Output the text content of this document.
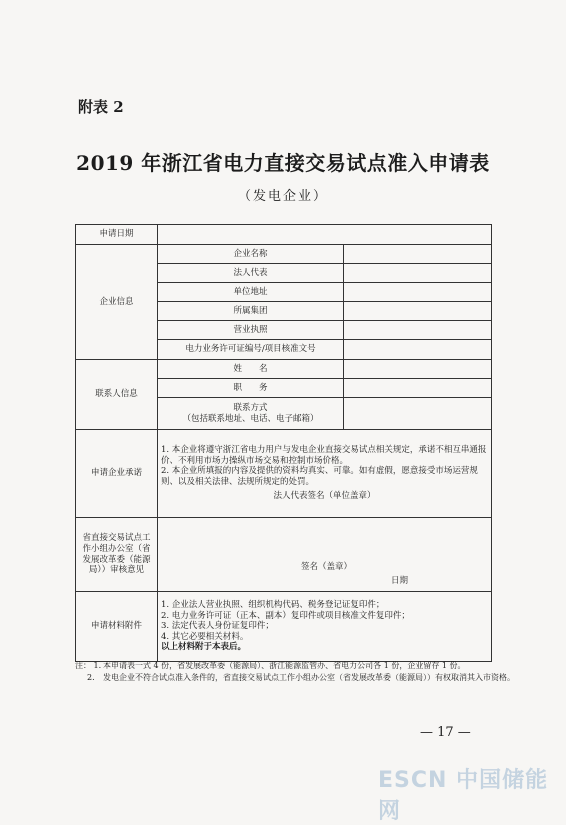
附表 2
2019 年浙江省电力直接交易试点准入申请表
（发电企业）
申请日期		
企业信息	企业名称	
	法人代表	
	单位地址	
	所属集团	
	营业执照	
	电力业务许可证编号/项目核准文号	
联系人信息	姓　　名	
	职　　务	

	联系方式
（包括联系地址、电话、电子邮箱）	

申请企业承诺	1. 本企业将遵守浙江省电力用户与发电企业直接交易试点相关规定，承诺不相互串通报价、不利用市场力操纵市场交易和控制市场价格。

2. 本企业所填报的内容及提供的资料均真实、可靠。如有虚假，愿意接受市场运营规则、以及相关法律、法规所规定的处罚。

法人代表签名（单位盖章）	

省直接交易试点工作小组办公室（省发展改革委（能源局））审核意见	签名（盖章）
日期	

申请材料附件	1. 企业法人营业执照、组织机构代码、税务登记证复印件；

2. 电力业务许可证（正本、副本）复印件或项目核准文件复印件；

3. 法定代表人身份证复印件；

4. 其它必要相关材料。

以上材料附于本表后。	

注： 1. 本申请表一式 4 份，省发展改革委（能源局）、浙江能源监管办、省电力公司各 1 份，企业留存 1 份。
2.	发电企业不符合试点准入条件的，省直接交易试点工作小组办公室（省发展改革委（能源局））有权取消其入市资格。
— 17 —
ESCN 中国储能网
